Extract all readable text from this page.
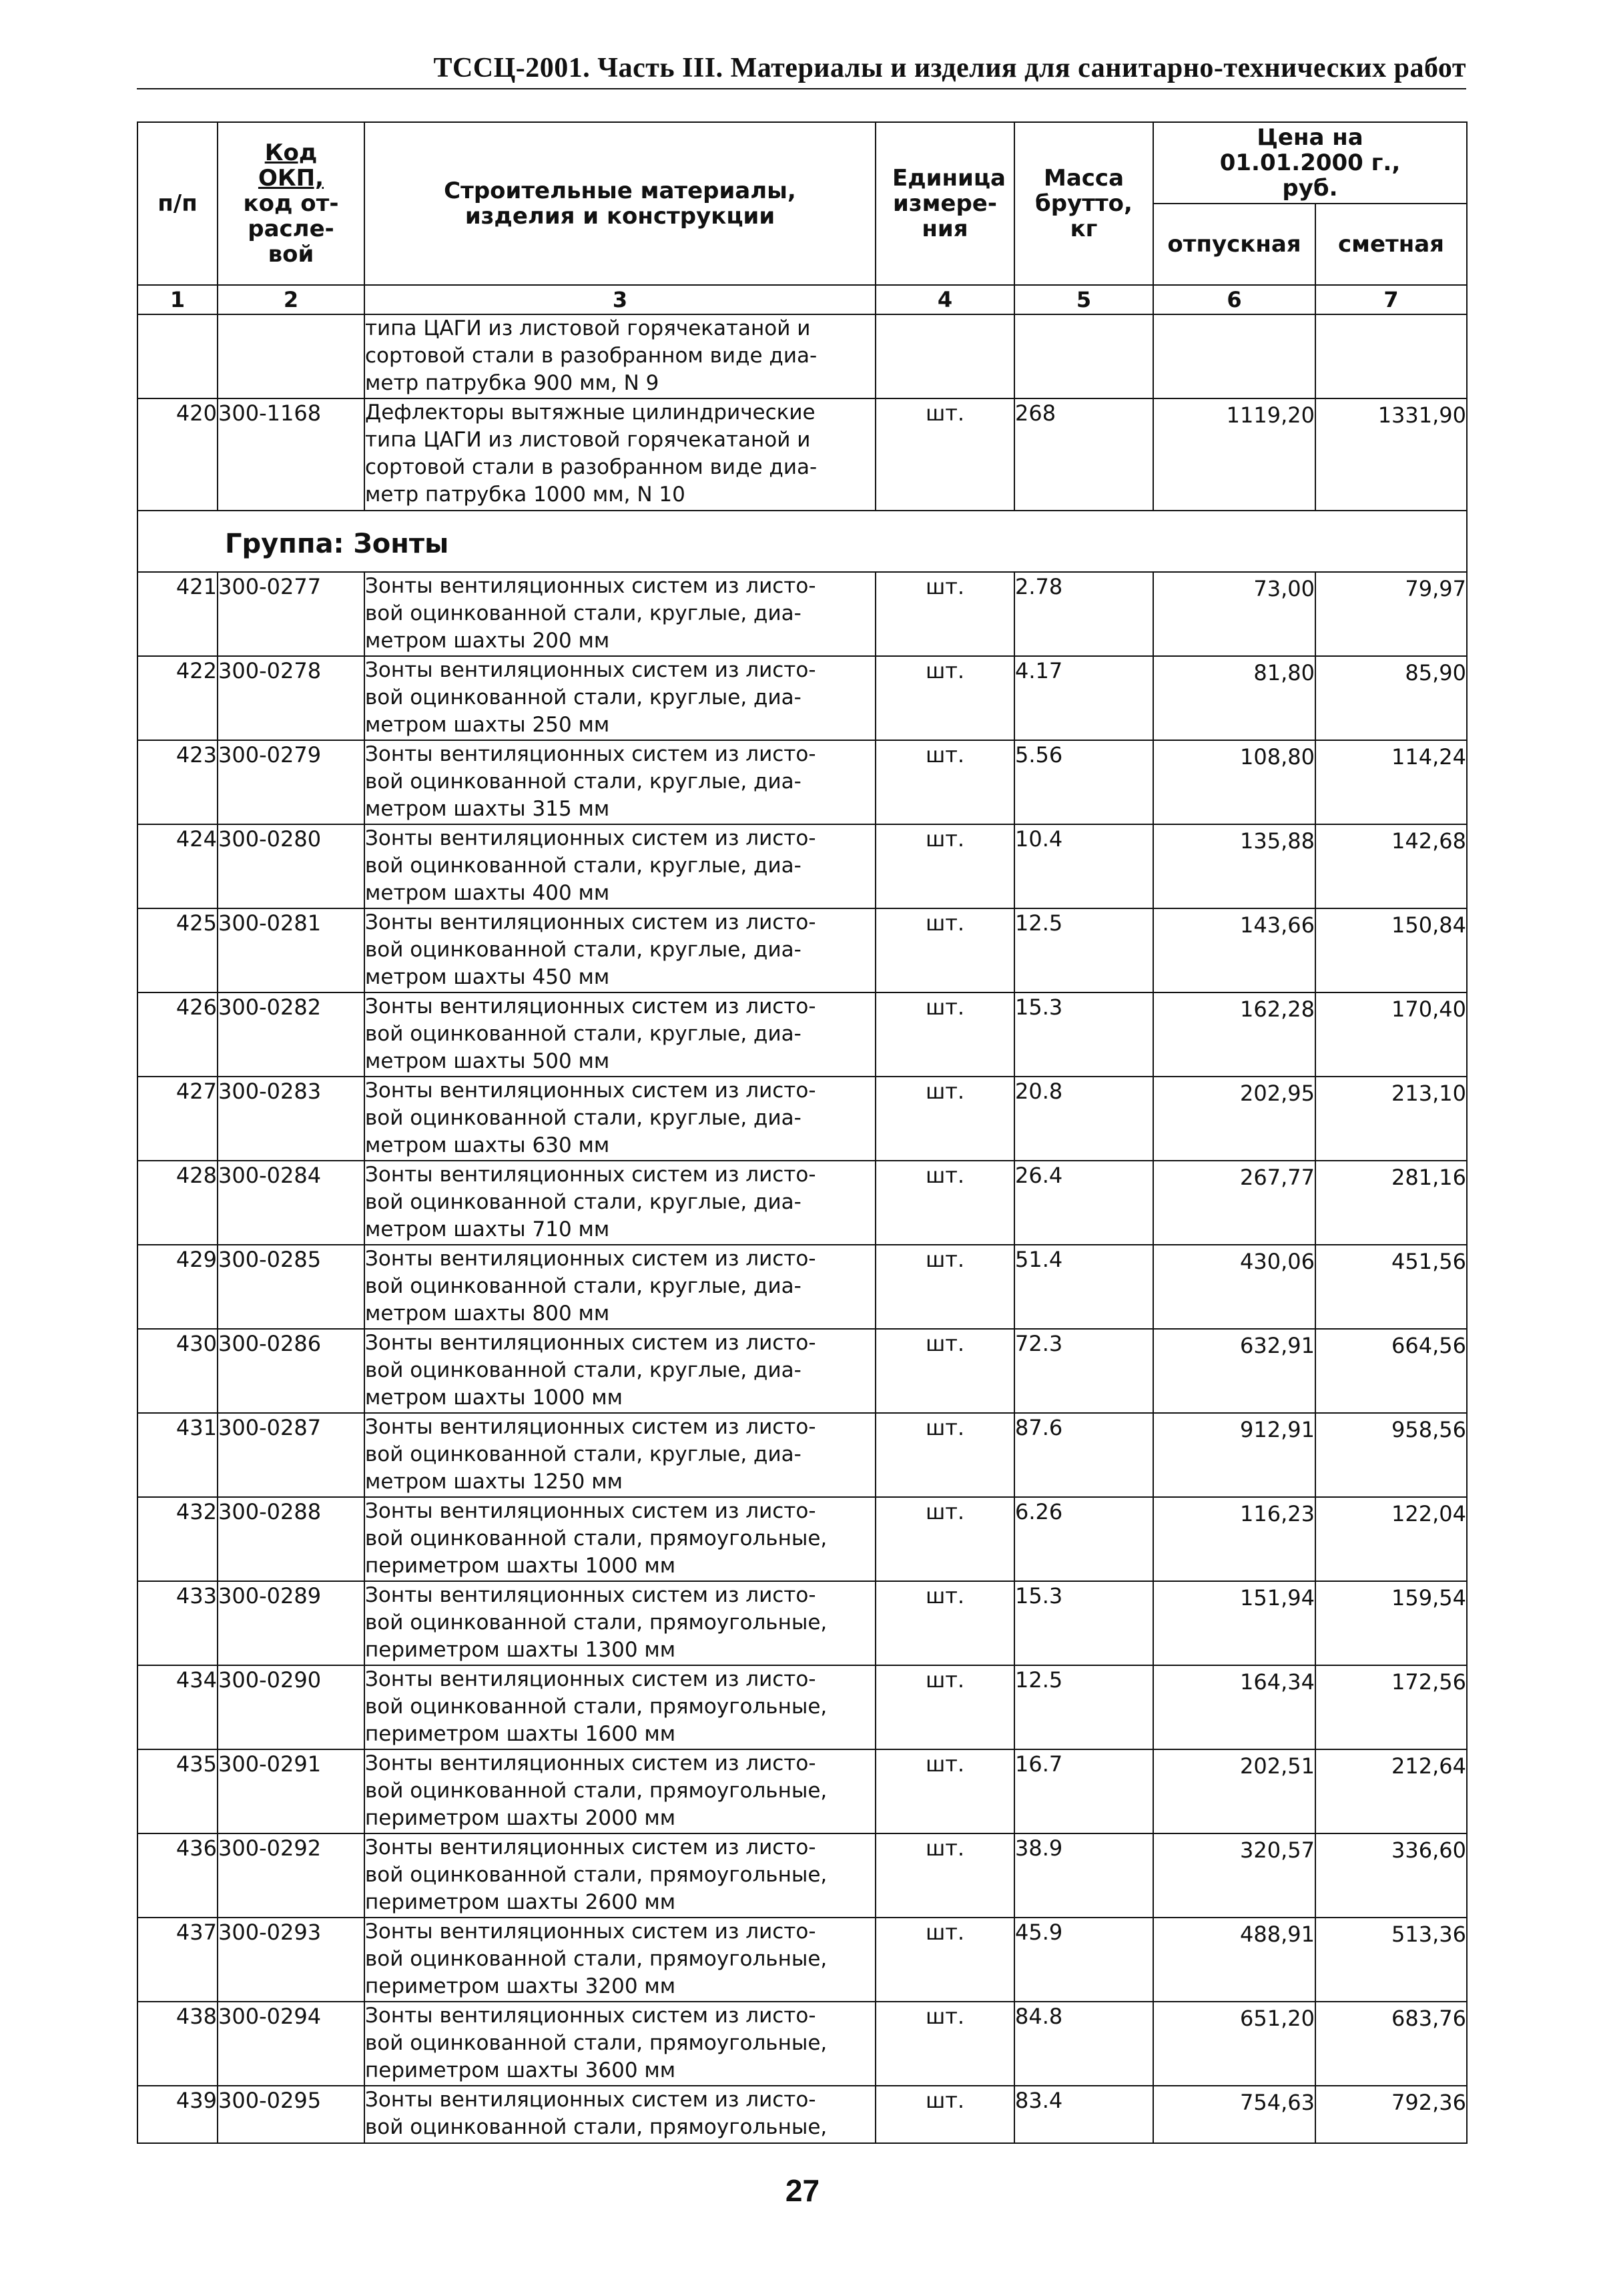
ТССЦ-2001. Часть III. Материалы и изделия для санитарно-технических работ
п/п	Код
ОКП,
код от-
расле-
вой	Строительные материалы, изделия и конструкции	Единица измере-ния	Масса брутто, кг	Цена на 01.01.2000 г., руб.	
					отпускная	сметная
1	2	3	4	5	6	7

		типа ЦАГИ из листовой горячекатаной и
сортовой стали в разобранном виде диа-
метр патрубка 900 мм, N 9				

420	300-1168	Дефлекторы вытяжные цилиндрические
типа ЦАГИ из листовой горячекатаной и
сортовой стали в разобранном виде диа-
метр патрубка 1000 мм, N 10	шт.	268	1119,20	1331,90

Группа: Зонты						

421	300-0277	Зонты вентиляционных систем из листо-
вой оцинкованной стали, круглые, диа-
метром шахты 200 мм	шт.	2.78	73,00	79,97
422	300-0278	Зонты вентиляционных систем из листо-
вой оцинкованной стали, круглые, диа-
метром шахты 250 мм	шт.	4.17	81,80	85,90
423	300-0279	Зонты вентиляционных систем из листо-
вой оцинкованной стали, круглые, диа-
метром шахты 315 мм	шт.	5.56	108,80	114,24
424	300-0280	Зонты вентиляционных систем из листо-
вой оцинкованной стали, круглые, диа-
метром шахты 400 мм	шт.	10.4	135,88	142,68
425	300-0281	Зонты вентиляционных систем из листо-
вой оцинкованной стали, круглые, диа-
метром шахты 450 мм	шт.	12.5	143,66	150,84
426	300-0282	Зонты вентиляционных систем из листо-
вой оцинкованной стали, круглые, диа-
метром шахты 500 мм	шт.	15.3	162,28	170,40
427	300-0283	Зонты вентиляционных систем из листо-
вой оцинкованной стали, круглые, диа-
метром шахты 630 мм	шт.	20.8	202,95	213,10
428	300-0284	Зонты вентиляционных систем из листо-
вой оцинкованной стали, круглые, диа-
метром шахты 710 мм	шт.	26.4	267,77	281,16
429	300-0285	Зонты вентиляционных систем из листо-
вой оцинкованной стали, круглые, диа-
метром шахты 800 мм	шт.	51.4	430,06	451,56
430	300-0286	Зонты вентиляционных систем из листо-
вой оцинкованной стали, круглые, диа-
метром шахты 1000 мм	шт.	72.3	632,91	664,56
431	300-0287	Зонты вентиляционных систем из листо-
вой оцинкованной стали, круглые, диа-
метром шахты 1250 мм	шт.	87.6	912,91	958,56
432	300-0288	Зонты вентиляционных систем из листо-
вой оцинкованной стали, прямоугольные,
периметром шахты 1000 мм	шт.	6.26	116,23	122,04
433	300-0289	Зонты вентиляционных систем из листо-
вой оцинкованной стали, прямоугольные,
периметром шахты 1300 мм	шт.	15.3	151,94	159,54
434	300-0290	Зонты вентиляционных систем из листо-
вой оцинкованной стали, прямоугольные,
периметром шахты 1600 мм	шт.	12.5	164,34	172,56
435	300-0291	Зонты вентиляционных систем из листо-
вой оцинкованной стали, прямоугольные,
периметром шахты 2000 мм	шт.	16.7	202,51	212,64
436	300-0292	Зонты вентиляционных систем из листо-
вой оцинкованной стали, прямоугольные,
периметром шахты 2600 мм	шт.	38.9	320,57	336,60
437	300-0293	Зонты вентиляционных систем из листо-
вой оцинкованной стали, прямоугольные,
периметром шахты 3200 мм	шт.	45.9	488,91	513,36
438	300-0294	Зонты вентиляционных систем из листо-
вой оцинкованной стали, прямоугольные,
периметром шахты 3600 мм	шт.	84.8	651,20	683,76
439	300-0295	Зонты вентиляционных систем из листо-
вой оцинкованной стали, прямоугольные,	шт.	83.4	754,63	792,36
27
